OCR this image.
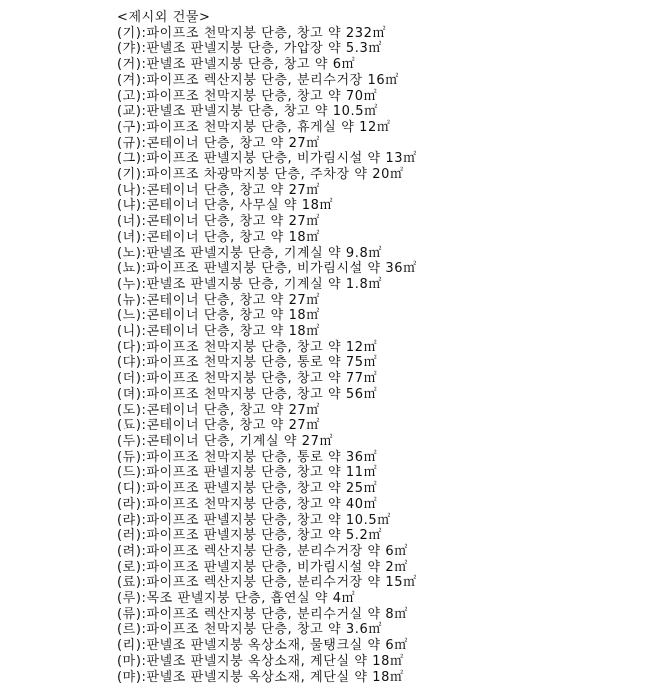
<제시외 건물>
(기):파이프조 천막지붕 단층, 창고 약 232㎡
(갸):판넬조 판넬지붕 단층, 가압장 약 5.3㎡
(거):판넬조 판넬지붕 단층, 창고 약 6㎡
(겨):파이프조 렉산지붕 단층, 분리수거장 16㎡
(고):파이프조 천막지붕 단층, 창고 약 70㎡
(교):판넬조 판넬지붕 단층, 창고 약 10.5㎡
(구):파이프조 천막지붕 단층, 휴게실 약 12㎡
(규):콘테이너 단층, 창고 약 27㎡
(그):파이프조 판넬지붕 단층, 비가림시설 약 13㎡
(기):파이프조 차광막지붕 단층, 주차장 약 20㎡
(나):콘테이너 단층, 창고 약 27㎡
(냐):콘테이너 단층, 사무실 약 18㎡
(너):콘테이너 단층, 창고 약 27㎡
(녀):콘테이너 단층, 창고 약 18㎡
(노):판넬조 판넬지붕 단층, 기계실 약 9.8㎡
(뇨):파이프조 판넬지붕 단층, 비가림시설 약 36㎡
(누):판넬조 판넬지붕 단층, 기계실 약 1.8㎡
(뉴):콘테이너 단층, 창고 약 27㎡
(느):콘테이너 단층, 창고 약 18㎡
(니):콘테이너 단층, 창고 약 18㎡
(다):파이프조 천막지붕 단층, 창고 약 12㎡
(댜):파이프조 천막지붕 단층, 통로 약 75㎡
(더):파이프조 천막지붕 단층, 창고 약 77㎡
(뎌):파이프조 천막지붕 단층, 창고 약 56㎡
(도):콘테이너 단층, 창고 약 27㎡
(됴):콘테이너 단층, 창고 약 27㎡
(두):콘테이너 단층, 기계실 약 27㎡
(듀):파이프조 천막지붕 단층, 통로 약 36㎡
(드):파이프조 판넬지붕 단층, 창고 약 11㎡
(디):파이프조 판넬지붕 단층, 창고 약 25㎡
(라):파이프조 천막지붕 단층, 창고 약 40㎡
(랴):파이프조 판넬지붕 단층, 창고 약 10.5㎡
(러):파이프조 판넬지붕 단층, 창고 약 5.2㎡
(려):파이프조 렉산지붕 단층, 분리수거장 약 6㎡
(로):파이프조 판넬지붕 단층, 비가림시설 약 2㎡
(료):파이프조 렉산지붕 단층, 분리수거장 약 15㎡
(루):목조 판넬지붕 단층, 흡연실 약 4㎡
(류):파이프조 렉산지붕 단층, 분리수거실 약 8㎡
(르):파이프조 천막지붕 단층, 창고 약 3.6㎡
(리):판넬조 판넬지붕 옥상소재, 물탱크실 약 6㎡
(마):판넬조 판넬지붕 옥상소재, 계단실 약 18㎡
(먀):판넬조 판넬지붕 옥상소재, 계단실 약 18㎡
